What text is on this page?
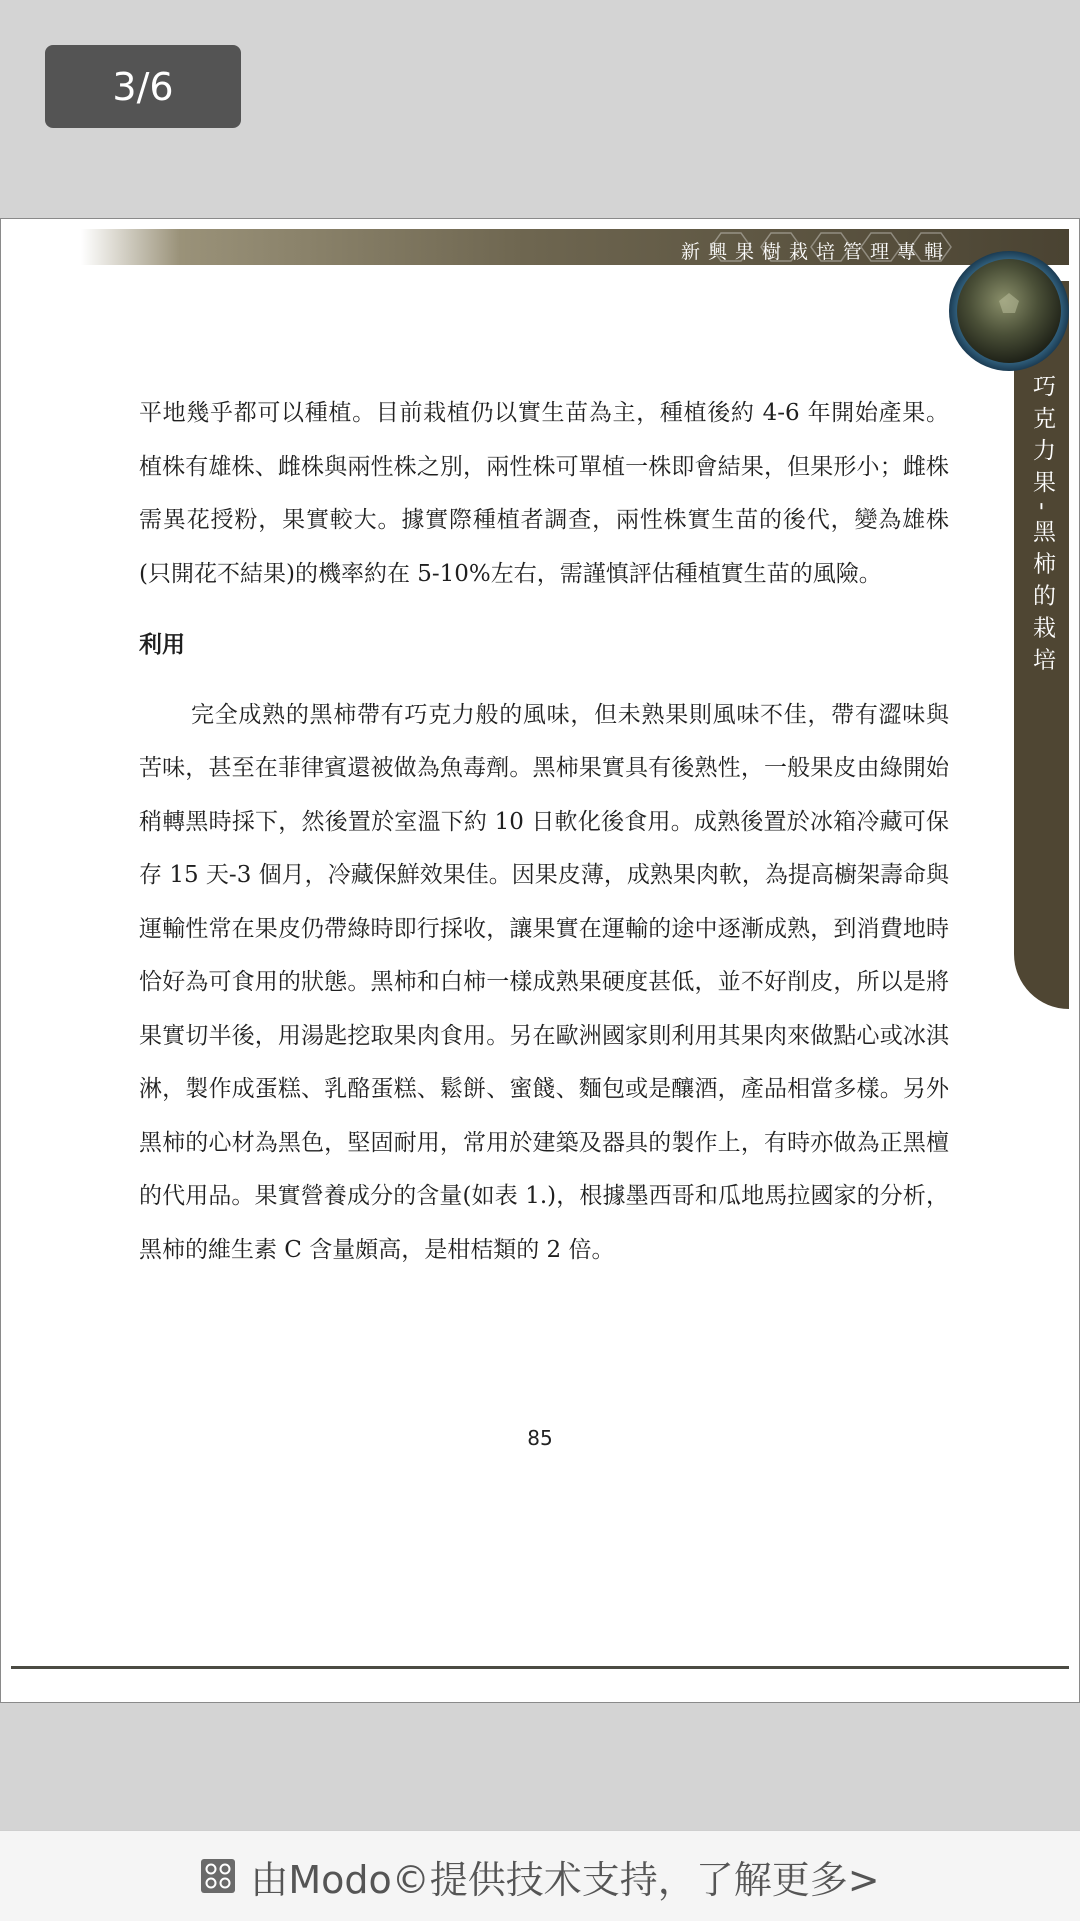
3/6
新興果樹栽培管理專輯
巧克力果-黑柿的栽培

平地幾乎都可以種植。目前栽植仍以實生苗為主，種植後約 4-6 年開始產果。植株有雄株、雌株與兩性株之別，兩性株可單植一株即會結果，但果形小；雌株需異花授粉，果實較大。據實際種植者調查，兩性株實生苗的後代，變為雄株(只開花不結果)的機率約在 5-10%左右，需謹慎評估種植實生苗的風險。

利用

完全成熟的黑柿帶有巧克力般的風味，但未熟果則風味不佳，帶有澀味與苦味，甚至在菲律賓還被做為魚毒劑。黑柿果實具有後熟性，一般果皮由綠開始稍轉黑時採下，然後置於室溫下約 10 日軟化後食用。成熟後置於冰箱冷藏可保存 15 天-3 個月，冷藏保鮮效果佳。因果皮薄，成熟果肉軟，為提高櫥架壽命與運輸性常在果皮仍帶綠時即行採收，讓果實在運輸的途中逐漸成熟，到消費地時恰好為可食用的狀態。黑柿和白柿一樣成熟果硬度甚低，並不好削皮，所以是將果實切半後，用湯匙挖取果肉食用。另在歐洲國家則利用其果肉來做點心或冰淇淋，製作成蛋糕、乳酪蛋糕、鬆餅、蜜餞、麵包或是釀酒，產品相當多樣。另外黑柿的心材為黑色，堅固耐用，常用於建築及器具的製作上，有時亦做為正黑檀的代用品。果實營養成分的含量(如表 1.)，根據墨西哥和瓜地馬拉國家的分析，黑柿的維生素 C 含量頗高，是柑桔類的 2 倍。

85
由Modo©提供技术支持，了解更多>
